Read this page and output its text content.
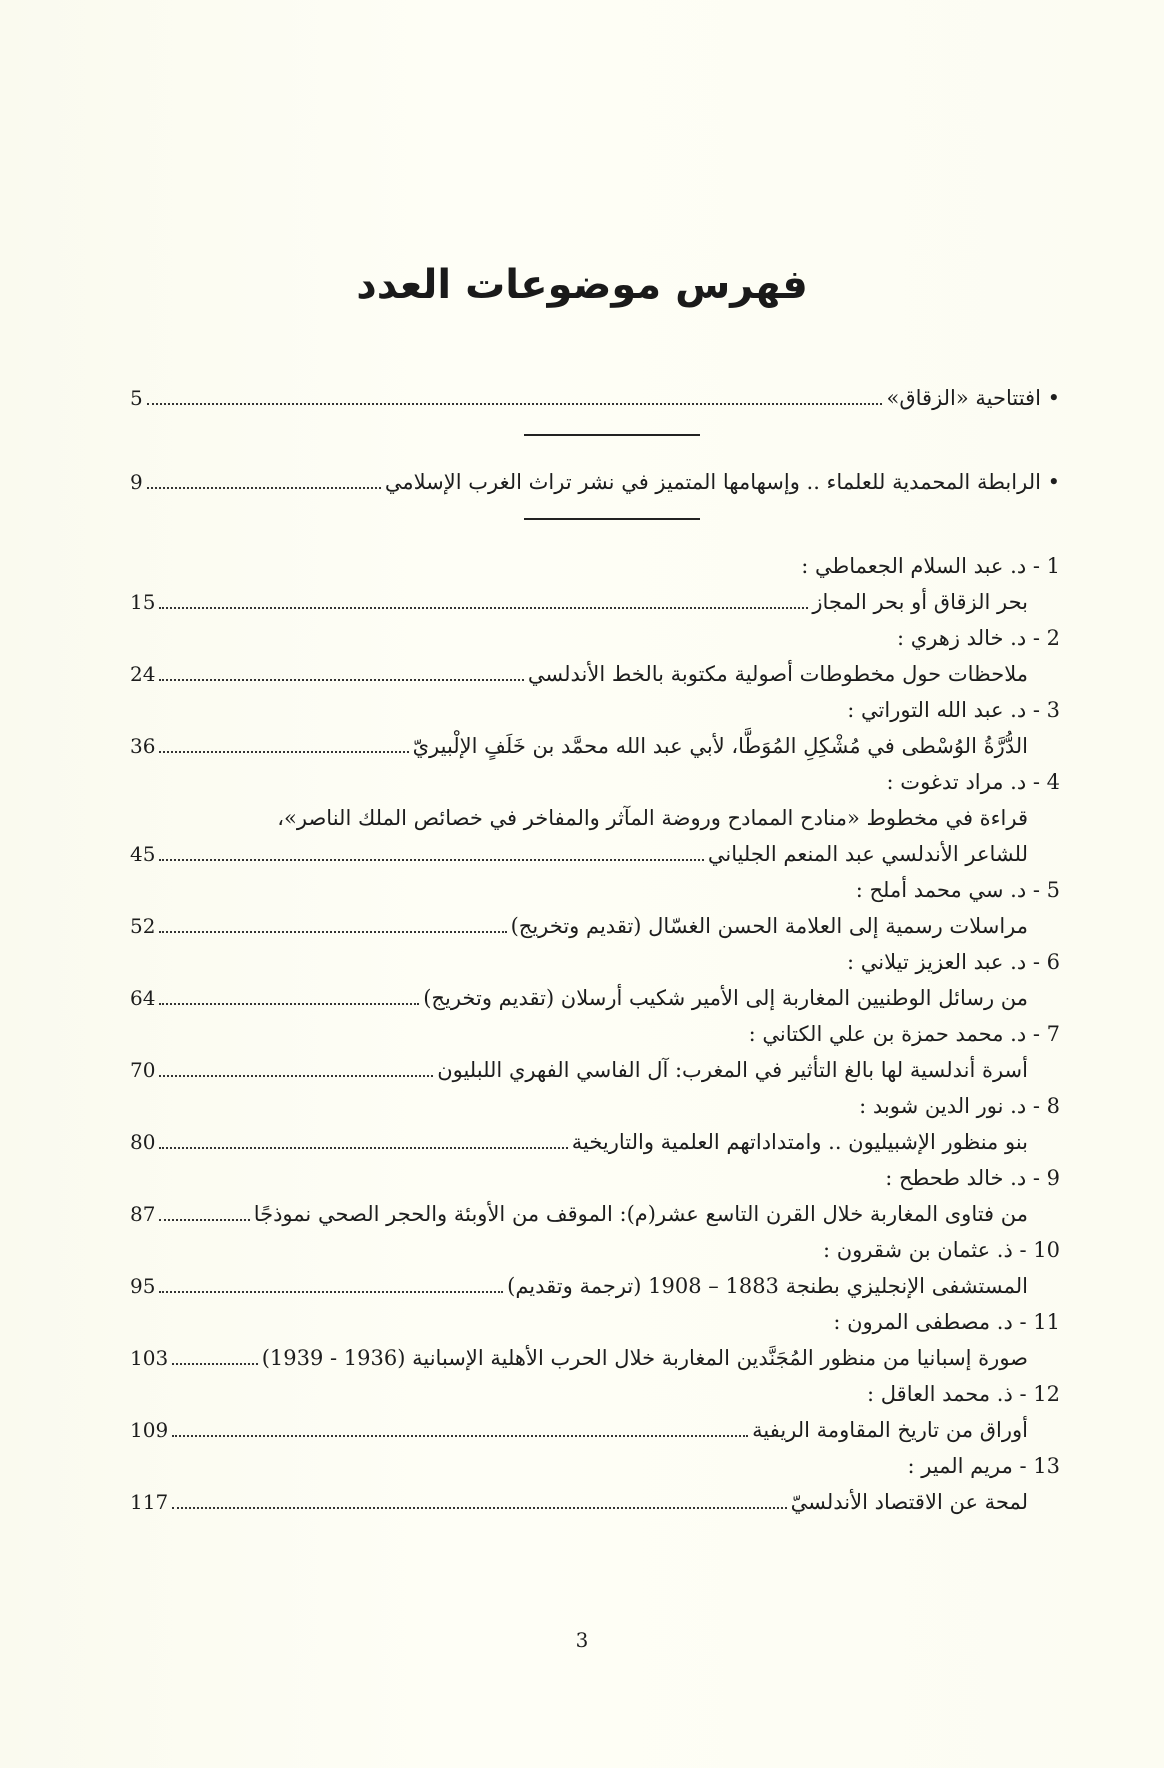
فهرس موضوعات العدد
• افتتاحية «الزقاق»
5
• الرابطة المحمدية للعلماء .. وإسهامها المتميز في نشر تراث الغرب الإسلامي
9
1 - د. عبد السلام الجعماطي :
بحر الزقاق أو بحر المجاز
15
2 - د. خالد زهري :
ملاحظات حول مخطوطات أصولية مكتوبة بالخط الأندلسي
24
3 - د. عبد الله التوراتي :
الدُّرَّةُ الوُسْطى في مُشْكِلِ المُوَطَّا، لأبي عبد الله محمَّد بن خَلَفٍ الإلْبيريّ
36
4 - د. مراد تدغوت :
قراءة في مخطوط «منادح الممادح وروضة المآثر والمفاخر في خصائص الملك الناصر»،
للشاعر الأندلسي عبد المنعم الجلياني
45
5 - د. سي محمد أملح :
مراسلات رسمية إلى العلامة الحسن الغسّال (تقديم وتخريج)
52
6 - د. عبد العزيز تيلاني :
من رسائل الوطنيين المغاربة إلى الأمير شكيب أرسلان (تقديم وتخريج)
64
7 - د. محمد حمزة بن علي الكتاني :
أسرة أندلسية لها بالغ التأثير في المغرب: آل الفاسي الفهري اللبليون
70
8 - د. نور الدين شوبد :
بنو منظور الإشبيليون .. وامتداداتهم العلمية والتاريخية
80
9 - د. خالد طحطح :
من فتاوى المغاربة خلال القرن التاسع عشر(م): الموقف من الأوبئة والحجر الصحي نموذجًا
87
10 - ذ. عثمان بن شقرون :
المستشفى الإنجليزي بطنجة 1883 – 1908 (ترجمة وتقديم)
95
11 - د. مصطفى المرون :
صورة إسبانيا من منظور المُجَنَّدين المغاربة خلال الحرب الأهلية الإسبانية (1936 - 1939)
103
12 - ذ. محمد العاقل :
أوراق من تاريخ المقاومة الريفية
109
13 - مريم المير :
لمحة عن الاقتصاد الأندلسيّ
117
3
